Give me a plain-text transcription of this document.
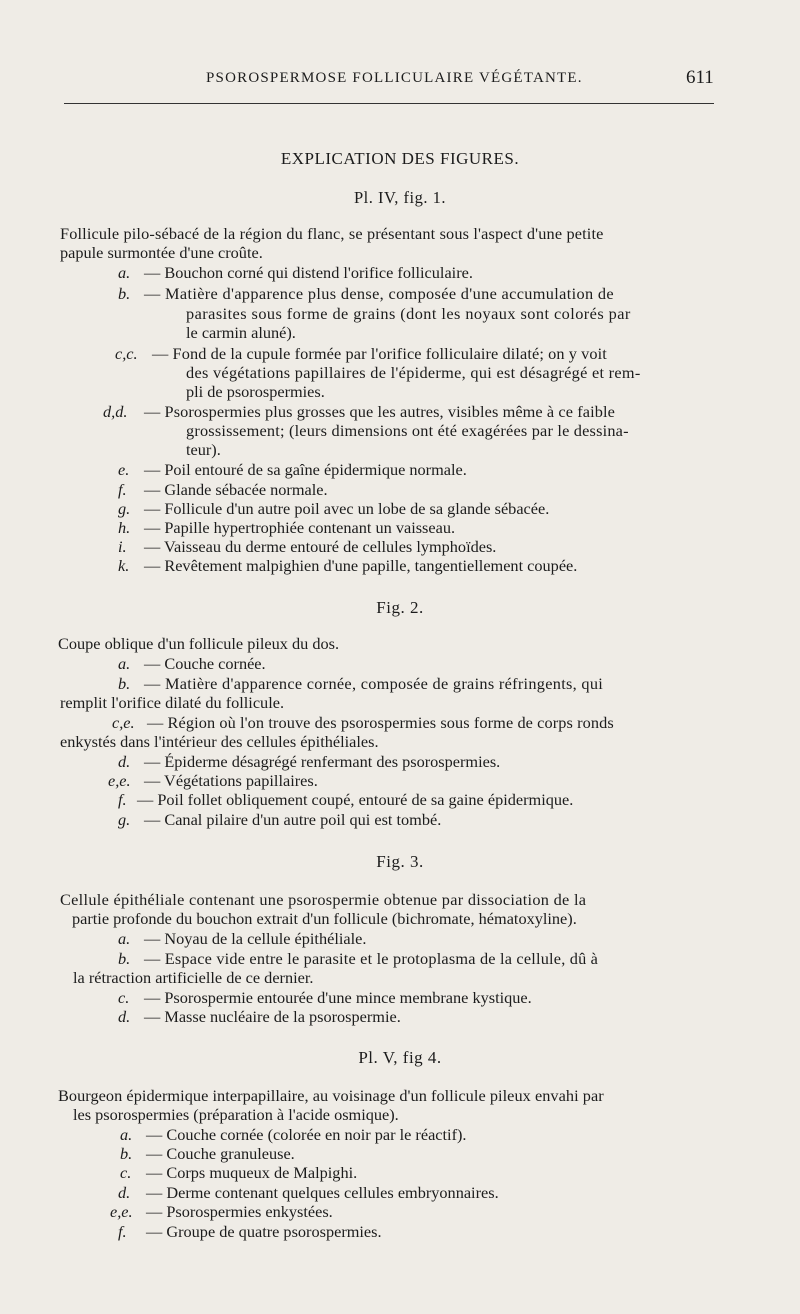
PSOROSPERMOSE FOLLICULAIRE VÉGÉTANTE.	611
EXPLICATION DES FIGURES.
Pl. IV, fig. 1.
Follicule pilo-sébacé de la région du flanc, se présentant sous l'aspect d'une petite
papule surmontée d'une croûte.
a. — Bouchon corné qui distend l'orifice folliculaire.
b. — Matière d'apparence plus dense, composée d'une accumulation de
parasites sous forme de grains (dont les noyaux sont colorés par
le carmin aluné).
c,c. — Fond de la cupule formée par l'orifice folliculaire dilaté; on y voit
des végétations papillaires de l'épiderme, qui est désagrégé et rem-
pli de psorospermies.
d,d. — Psorospermies plus grosses que les autres, visibles même à ce faible
grossissement; (leurs dimensions ont été exagérées par le dessina-
teur).
e. — Poil entouré de sa gaîne épidermique normale.
f. — Glande sébacée normale.
g. — Follicule d'un autre poil avec un lobe de sa glande sébacée.
h. — Papille hypertrophiée contenant un vaisseau.
i. — Vaisseau du derme entouré de cellules lymphoïdes.
k. — Revêtement malpighien d'une papille, tangentiellement coupée.
Fig. 2.
Coupe oblique d'un follicule pileux du dos.
a. — Couche cornée.
b. — Matière d'apparence cornée, composée de grains réfringents, qui
remplit l'orifice dilaté du follicule.
c,e. — Région où l'on trouve des psorospermies sous forme de corps ronds
enkystés dans l'intérieur des cellules épithéliales.
d. — Épiderme désagrégé renfermant des psorospermies.
e,e. — Végétations papillaires.
f. — Poil follet obliquement coupé, entouré de sa gaine épidermique.
g. — Canal pilaire d'un autre poil qui est tombé.
Fig. 3.
Cellule épithéliale contenant une psorospermie obtenue par dissociation de la
partie profonde du bouchon extrait d'un follicule (bichromate, hématoxyline).
a. — Noyau de la cellule épithéliale.
b. — Espace vide entre le parasite et le protoplasma de la cellule, dû à
la rétraction artificielle de ce dernier.
c. — Psorospermie entourée d'une mince membrane kystique.
d. — Masse nucléaire de la psorospermie.
Pl. V, fig 4.
Bourgeon épidermique interpapillaire, au voisinage d'un follicule pileux envahi par
les psorospermies (préparation à l'acide osmique).
a. — Couche cornée (colorée en noir par le réactif).
b. — Couche granuleuse.
c. — Corps muqueux de Malpighi.
d. — Derme contenant quelques cellules embryonnaires.
e,e. — Psorospermies enkystées.
f. — Groupe de quatre psorospermies.
